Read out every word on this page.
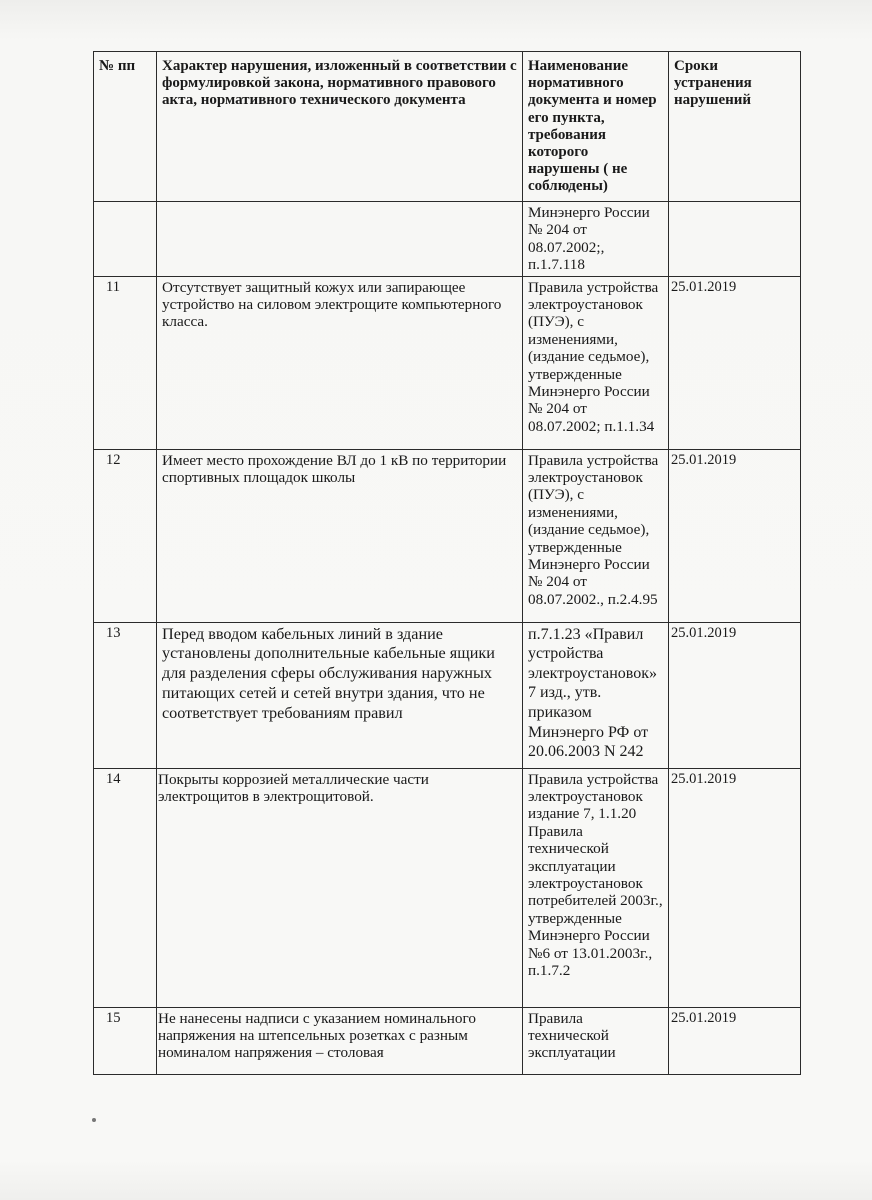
№ пп	Характер нарушения, изложенный в соответствии с формулировкой закона, нормативного правового акта, нормативного технического документа	Наименование нормативного документа и номер его пункта, требования которого нарушены ( не соблюдены)	Сроки устранения нарушений
		Минэнерго России № 204 от 08.07.2002;, п.1.7.118	
11	Отсутствует защитный кожух или запирающее устройство на силовом электрощите компьютерного класса.	Правила устройства электроустановок (ПУЭ), с изменениями, (издание седьмое), утвержденные Минэнерго России № 204 от 08.07.2002; п.1.1.34	25.01.2019
12	Имеет место прохождение ВЛ до 1 кВ по территории спортивных площадок школы	Правила устройства электроустановок (ПУЭ), с изменениями, (издание седьмое), утвержденные Минэнерго России № 204 от 08.07.2002., п.2.4.95	25.01.2019
13	Перед вводом кабельных линий в здание установлены дополнительные кабельные ящики для разделения сферы обслуживания наружных питающих сетей и сетей внутри здания, что не соответствует требованиям правил	п.7.1.23 «Правил устройства электроустановок» 7 изд., утв. приказом Минэнерго РФ от 20.06.2003 N 242	25.01.2019
14	Покрыты коррозией металлические части электрощитов в электрощитовой.	Правила устройства электроустановок издание 7, 1.1.20 Правила технической эксплуатации электроустановок потребителей 2003г., утвержденные Минэнерго России №6 от 13.01.2003г., п.1.7.2	25.01.2019
15	Не нанесены надписи с указанием номинального напряжения на штепсельных розетках с разным номиналом напряжения – столовая	Правила технической эксплуатации	25.01.2019
